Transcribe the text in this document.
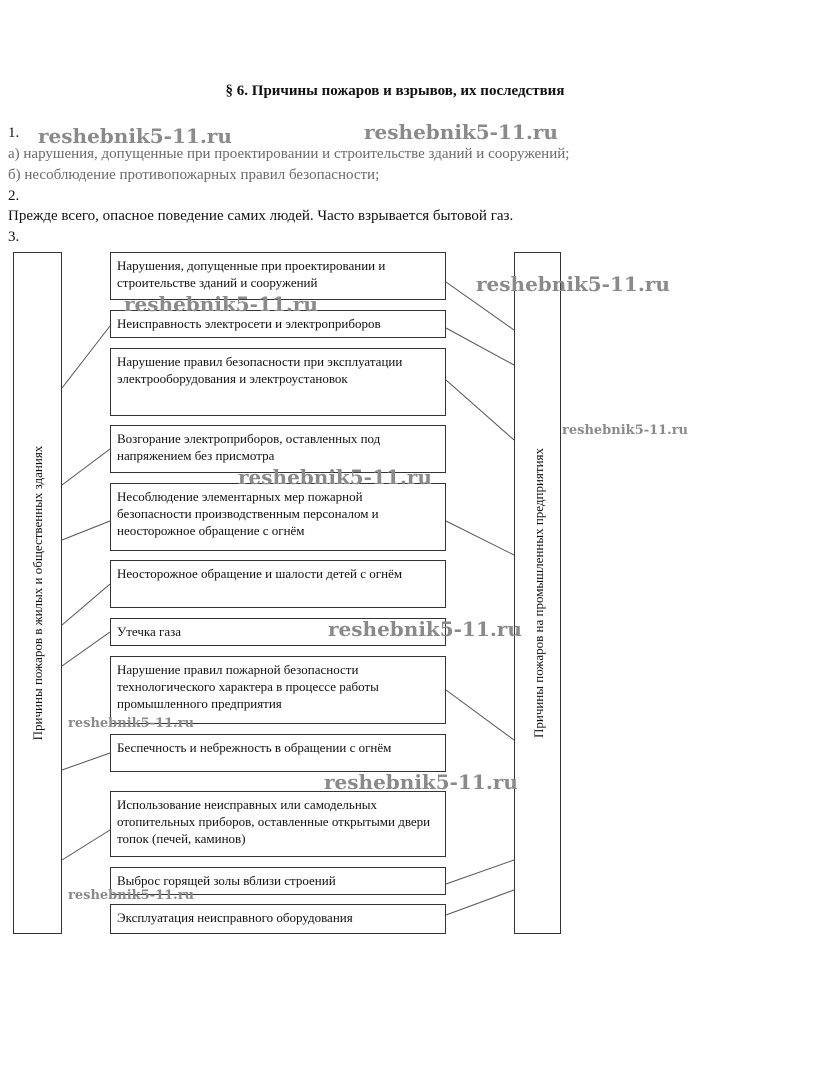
§ 6. Причины пожаров и взрывов, их последствия
1.
а) нарушения, допущенные при проектировании и строительстве зданий и сооружений;
б) несоблюдение противопожарных правил безопасности;
2.
Прежде всего, опасное поведение самих людей. Часто взрывается бытовой газ.
3.
Причины пожаров в жилых и общественных зданиях	Причины пожаров на промышленных предприятиях
Нарушения, допущенные при проектировании и строительстве зданий и сооружений
Неисправность электросети и электроприборов
Нарушение правил безопасности при эксплуатации электрооборудования и электроустановок
Возгорание электроприборов, оставленных под напряжением без присмотра
Несоблюдение элементарных мер пожарной безопасности производственным персоналом и неосторожное обращение с огнём
Неосторожное обращение и шалости детей с огнём
Утечка газа
Нарушение правил пожарной безопасности технологического характера в процессе работы промышленного предприятия
Беспечность и небрежность в обращении с огнём
Использование неисправных или самодельных отопительных приборов, оставленные открытыми двери топок (печей, каминов)
Выброс горящей золы вблизи строений
Эксплуатация неисправного оборудования
reshebnik5-11.ru	reshebnik5-11.ru
reshebnik5-11.ru
reshebnik5-11.ru
reshebnik5-11.ru
reshebnik5-11.ru
reshebnik5-11.ru
reshebnik5-11.ru
reshebnik5-11.ru
reshebnik5-11.ru
